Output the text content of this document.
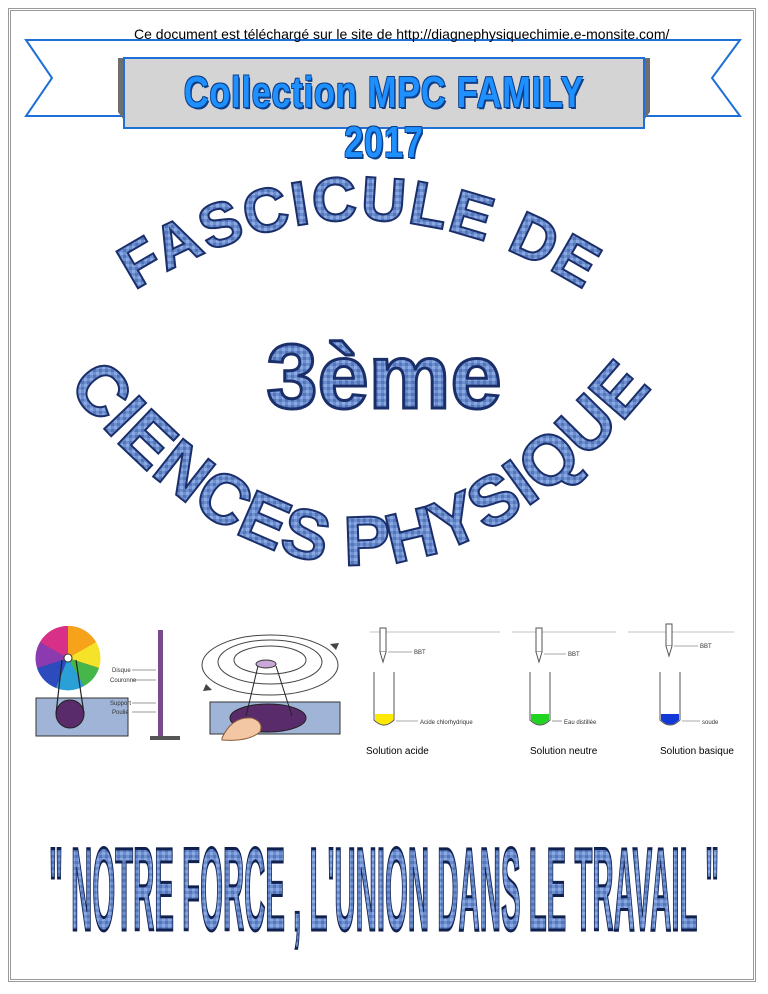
Ce document est téléchargé sur le site de http://diagnephysiquechimie.e-monsite.com/
Collection MPC FAMILY 2017
FASCICULE DE
3ème
CIENCES PHYSIQUE
Disque
Couronne
Support
Poulie
BBT
Acide chlorhydrique
Solution acide
BBT
Eau distillée
Solution neutre
BBT
soude
Solution basique
" NOTRE FORCE , L'UNION DANS LE TRAVAIL "
